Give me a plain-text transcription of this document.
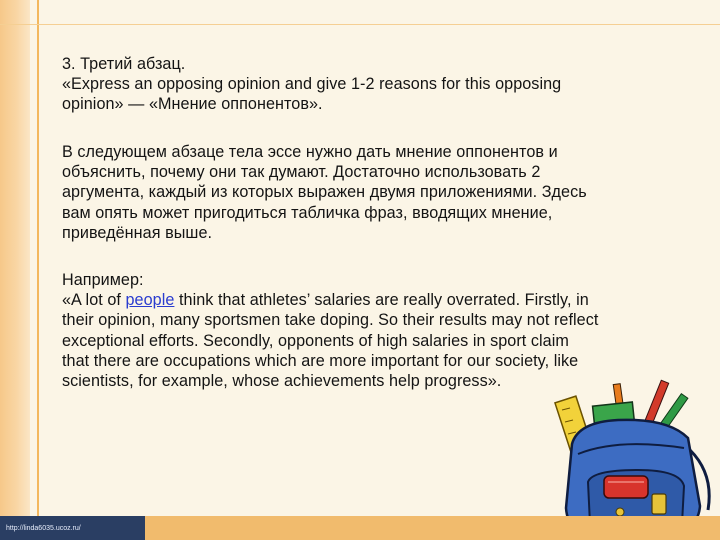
3. Третий абзац.
«Express an opposing opinion and give 1-2 reasons for this opposing
opinion» — «Мнение оппонентов».
В следующем абзаце тела эссе нужно дать мнение оппонентов и
объяснить, почему они так думают. Достаточно использовать 2
аргумента, каждый из которых выражен двумя приложениями. Здесь
вам опять может пригодиться табличка фраз, вводящих мнение,
приведённая выше.
Например:
«A lot of people think that athletes’ salaries are really overrated. Firstly, in
their opinion, many sportsmen take doping. So their results may not reflect
exceptional efforts. Secondly, opponents of high salaries in sport claim
that there are occupations which are more important for our society, like
scientists, for example, whose achievements help progress».
http://linda6035.ucoz.ru/
